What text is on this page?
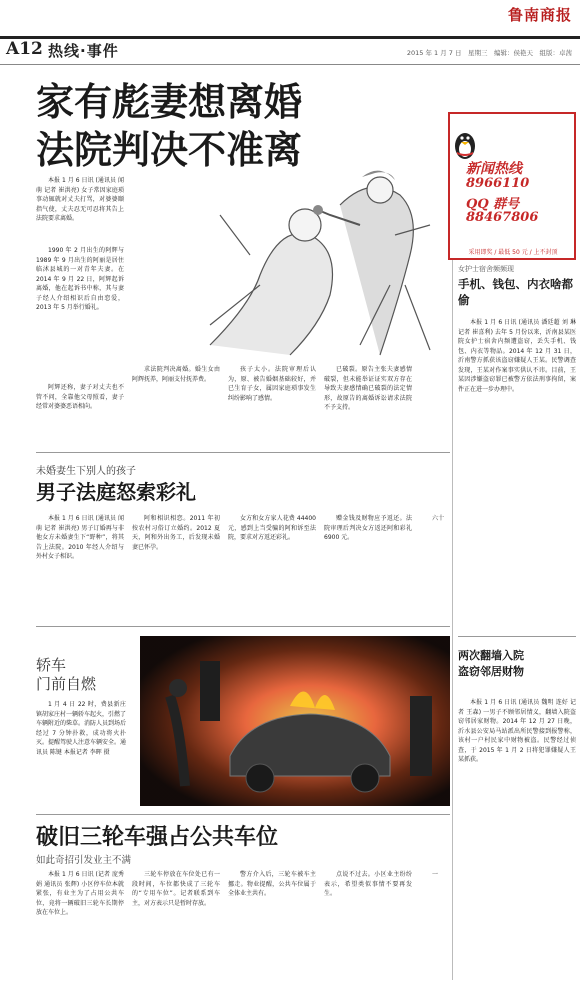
鲁南商报
A12 热线·事件	2015 年 1 月 7 日　星期三　编辑：侯艳天　组版：卓茜
家有彪妻想离婚
法院判决不准离	新闻热线
8966110
QQ 群号
88467806
采用即奖 / 最低 50 元 / 上不封顶
女护士宿舍频频现
手机、钱包、内衣啥都偷

本报 1 月 6 日讯 (通讯员 潘廷超 刘 琳 记者 崔喜利) 去年 5 月份以来，沂南县某医院女护士宿舍内频遭盗窃，丢失手机、钱包、内衣等物品。2014 年 12 月 31 日，沂南警方抓获该盗窃嫌疑人王某。民警调查发现，王某对作案事实供认不讳。目前，王某因涉嫌盗窃罪已被警方依法刑事拘留，案件正在进一步办理中。

本报 1 月 6 日讯 (通讯员 闻 萌 记者 崔洪亮) 女子常因家庭琐事动辄就对丈夫打骂，对婆婆颐指气使，丈夫忍无可忍将其告上法院要求离婚。

1990 年 2 月出生的阿辉与 1989 年 9 月出生的阿丽是居住临沭县城的一对青年夫妻。在 2014 年 9 月 22 日，阿辉起诉离婚，他在起诉书中称，其与妻子经人介绍相识后自由恋爱，2013 年 5 月举行婚礼。

阿辉还称，妻子对丈夫也不管不问，全靠他父母照看，妻子经常对婆婆恶语相向。

求法院判决离婚。婚生女由阿辉抚养，阿丽支付抚养费。

孩子太小。法院审理后认为，原、被告婚姻基础较好，并已生育子女，属因家庭琐事发生纠纷影响了感情。

已破裂。原告主张夫妻感情破裂，但未能举证证实双方存在导致夫妻感情确已破裂的法定情形，故原告的离婚诉讼请求法院不予支持。

未婚妻生下别人的孩子
男子法庭怒索彩礼

本报 1 月 6 日讯 (通讯员 闻 萌 记者 崔洪亮) 男子订婚再与非他女方未婚妻生下“野种”，将其告上法院。2010 年经人介绍与外村女子相识。

阿和相识相恋。2011 年初按农村习俗订立婚约。2012 夏天，阿和外出务工，后发现未婚妻已怀孕。

女方和女方家人花费 44400 元，感到上当受骗的阿和诉至法院，要求对方返还彩礼。

赠金钱及财物应予返还。法院审理后判决女方返还阿和彩礼 6900 元。

六十

轿车
门前自燃

1 月 4 日 22 时，费县新庄镇胡家庄村一辆轿车起火，引燃了车辆附近的柴草。消防人员到场后经过 7 分钟扑救，成功将火扑灭。提醒驾驶人注意车辆安全。通讯员 陈键 本报记者 李晖 摄

两次翻墙入院
盗窃邻居财物

本报 1 月 6 日讯 (通讯员 魏明 连好 记者 王森) 一男子不顾邻居情义，翻墙入院盗窃邻居家财物。2014 年 12 月 27 日晚，沂水县公安局马站派出所民警接到报警称，该村一户村民家中财物被盗。民警经过侦查，于 2015 年 1 月 2 日将犯罪嫌疑人王某抓获。

破旧三轮车强占公共车位
如此奇招引发业主不满

本报 1 月 6 日讯 (记者 庞秀娟 通讯员 张辉) 小区停车位本就紧张，有业主为了占用公共车位，竟将一辆破旧三轮车长期停放在车位上。

三轮车停放在车位处已有一段时间，车位都快成了三轮车的“专用车位”。记者联系到车主，对方表示只是暂时存放。

警方介入后，三轮车被车主挪走。物业提醒，公共车位属于全体业主共有。

点说不过去。小区业主纷纷表示，希望类似事情不要再发生。

一
